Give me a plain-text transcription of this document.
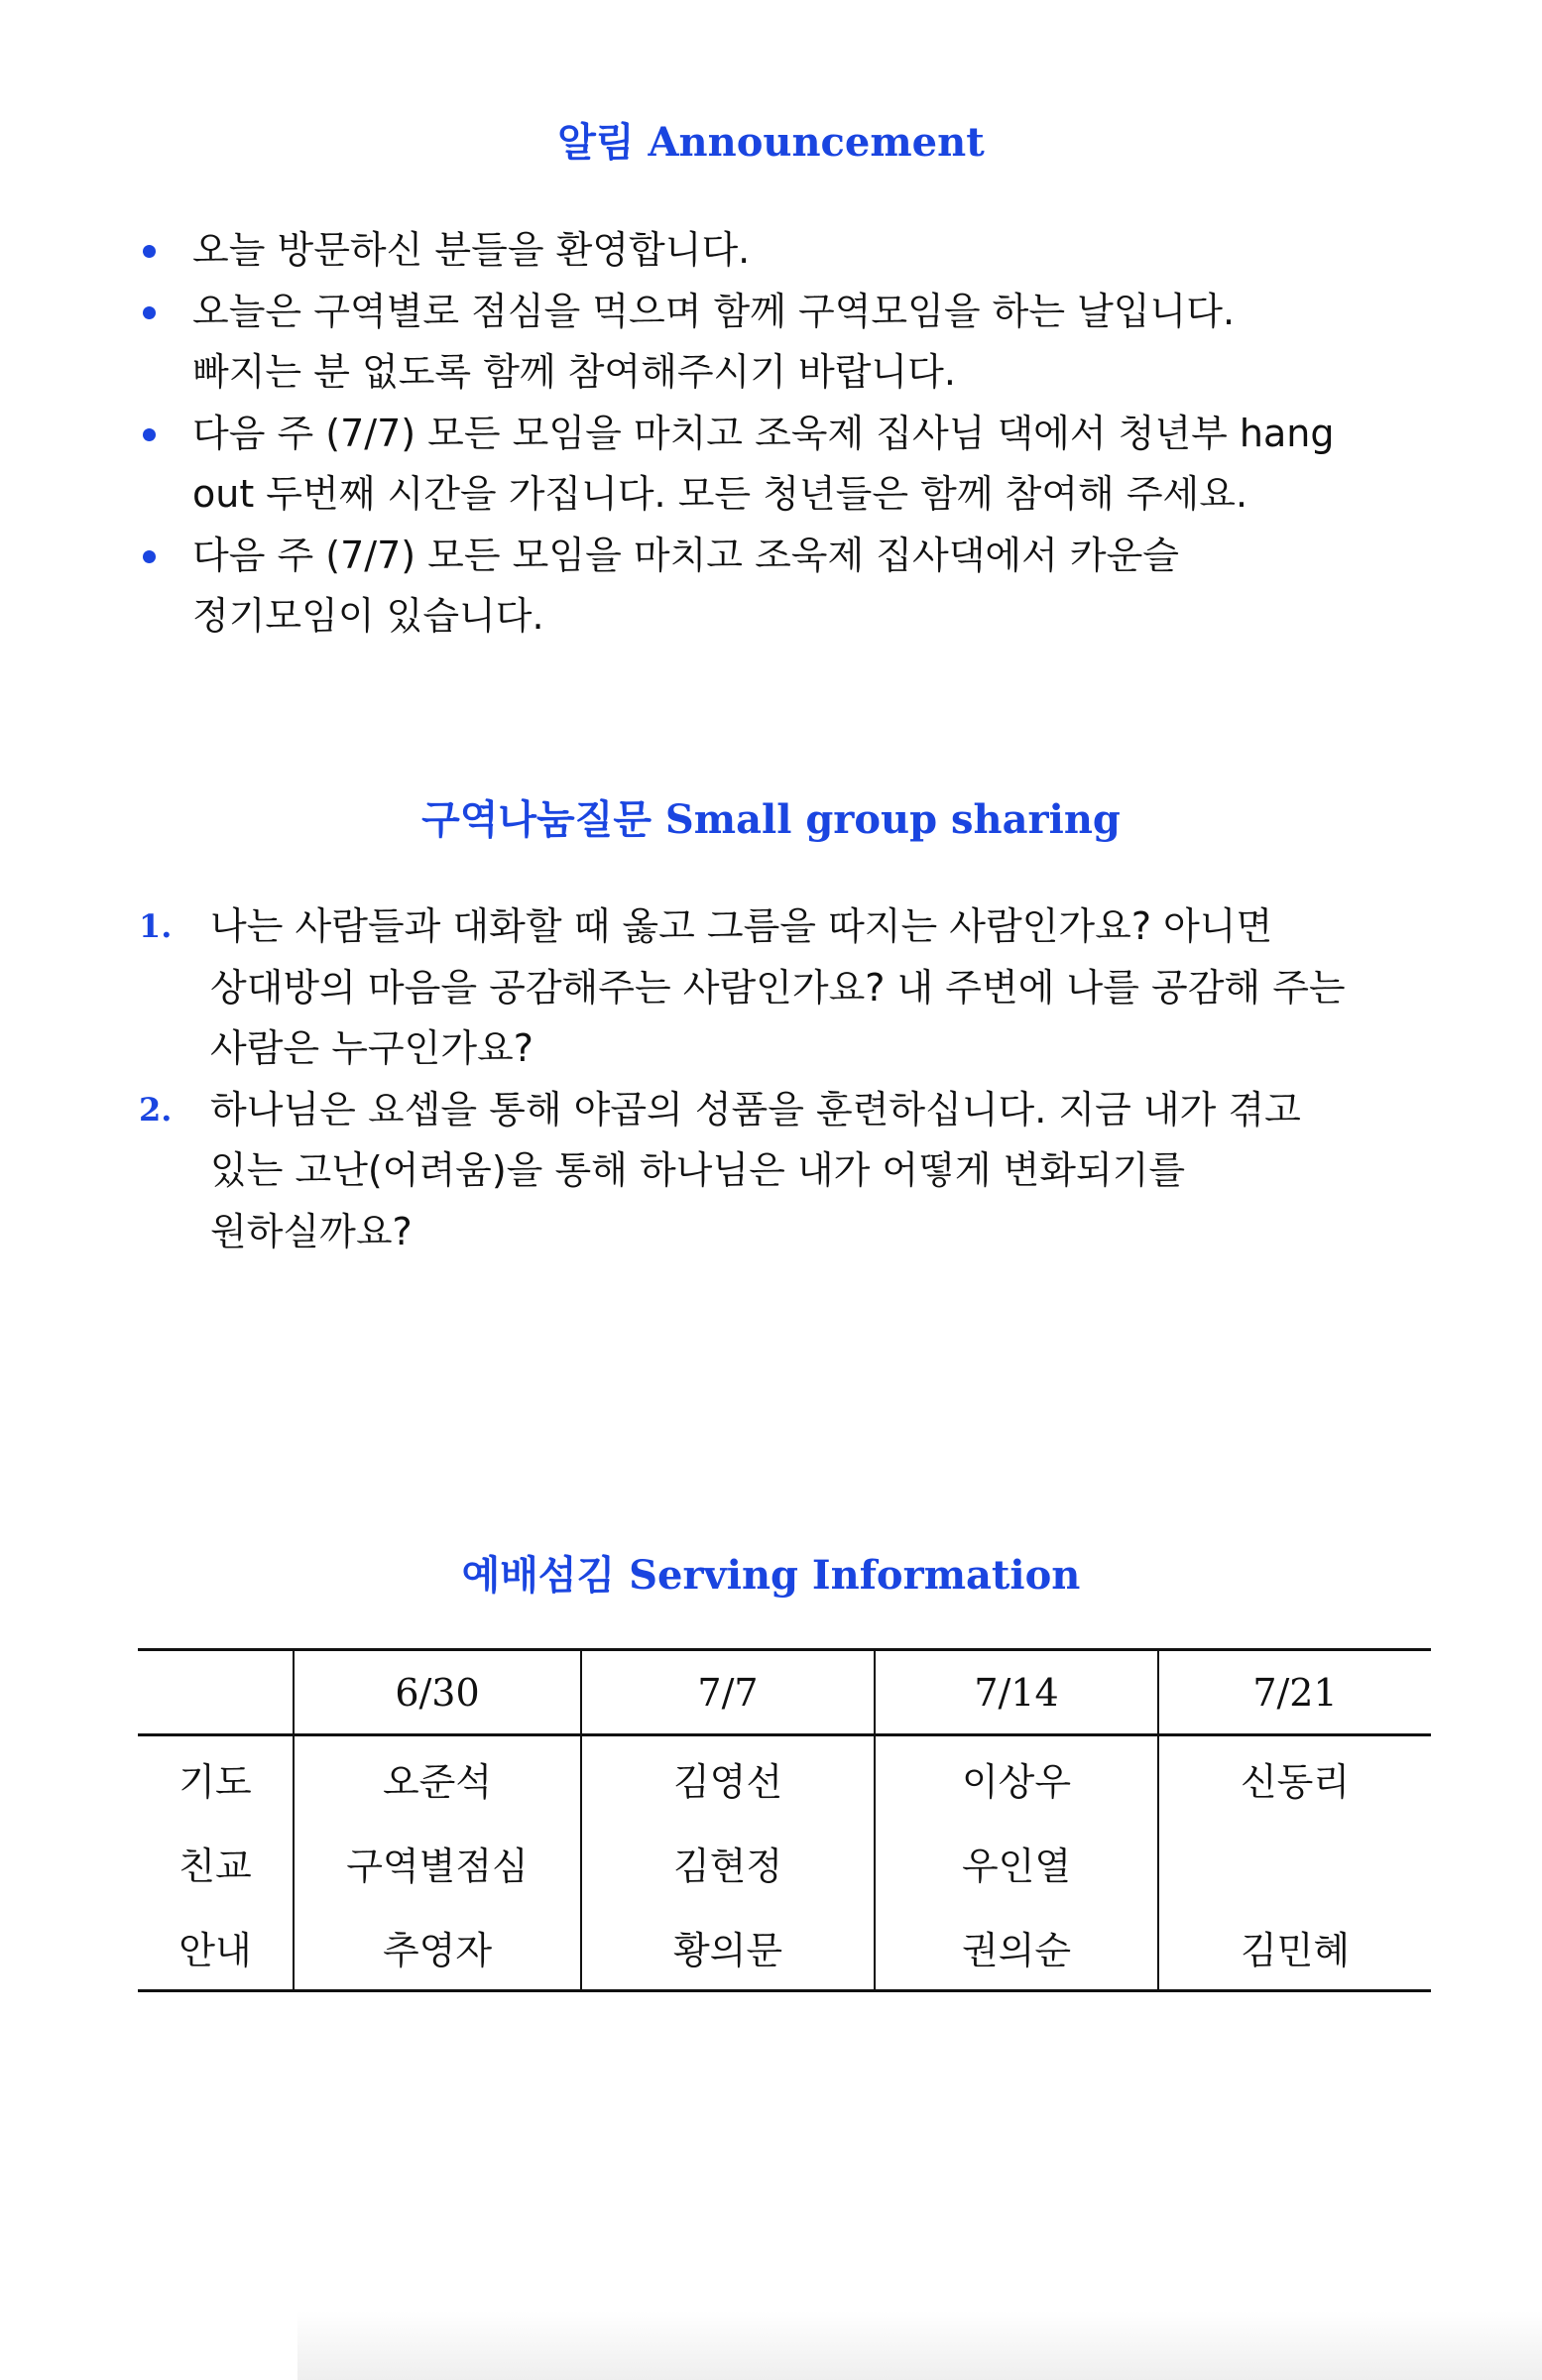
알림 Announcement
오늘 방문하신 분들을 환영합니다.
오늘은 구역별로 점심을 먹으며 함께 구역모임을 하는 날입니다.
빠지는 분 없도록 함께 참여해주시기 바랍니다.
다음 주 (7/7) 모든 모임을 마치고 조욱제 집사님 댁에서 청년부 hang
out 두번째 시간을 가집니다. 모든 청년들은 함께 참여해 주세요.
다음 주 (7/7) 모든 모임을 마치고 조욱제 집사댁에서 카운슬
정기모임이 있습니다.
구역나눔질문 Small group sharing
1. 나는 사람들과 대화할 때 옳고 그름을 따지는 사람인가요? 아니면
상대방의 마음을 공감해주는 사람인가요? 내 주변에 나를 공감해 주는
사람은 누구인가요?
2. 하나님은 요셉을 통해 야곱의 성품을 훈련하십니다. 지금 내가 겪고
있는 고난(어려움)을 통해 하나님은 내가 어떻게 변화되기를
원하실까요?
예배섬김 Serving Information
	6/30	7/7	7/14	7/21
기도	오준석	김영선	이상우	신동리
친교	구역별점심	김현정	우인열	
안내	추영자	황의문	권의순	김민혜
